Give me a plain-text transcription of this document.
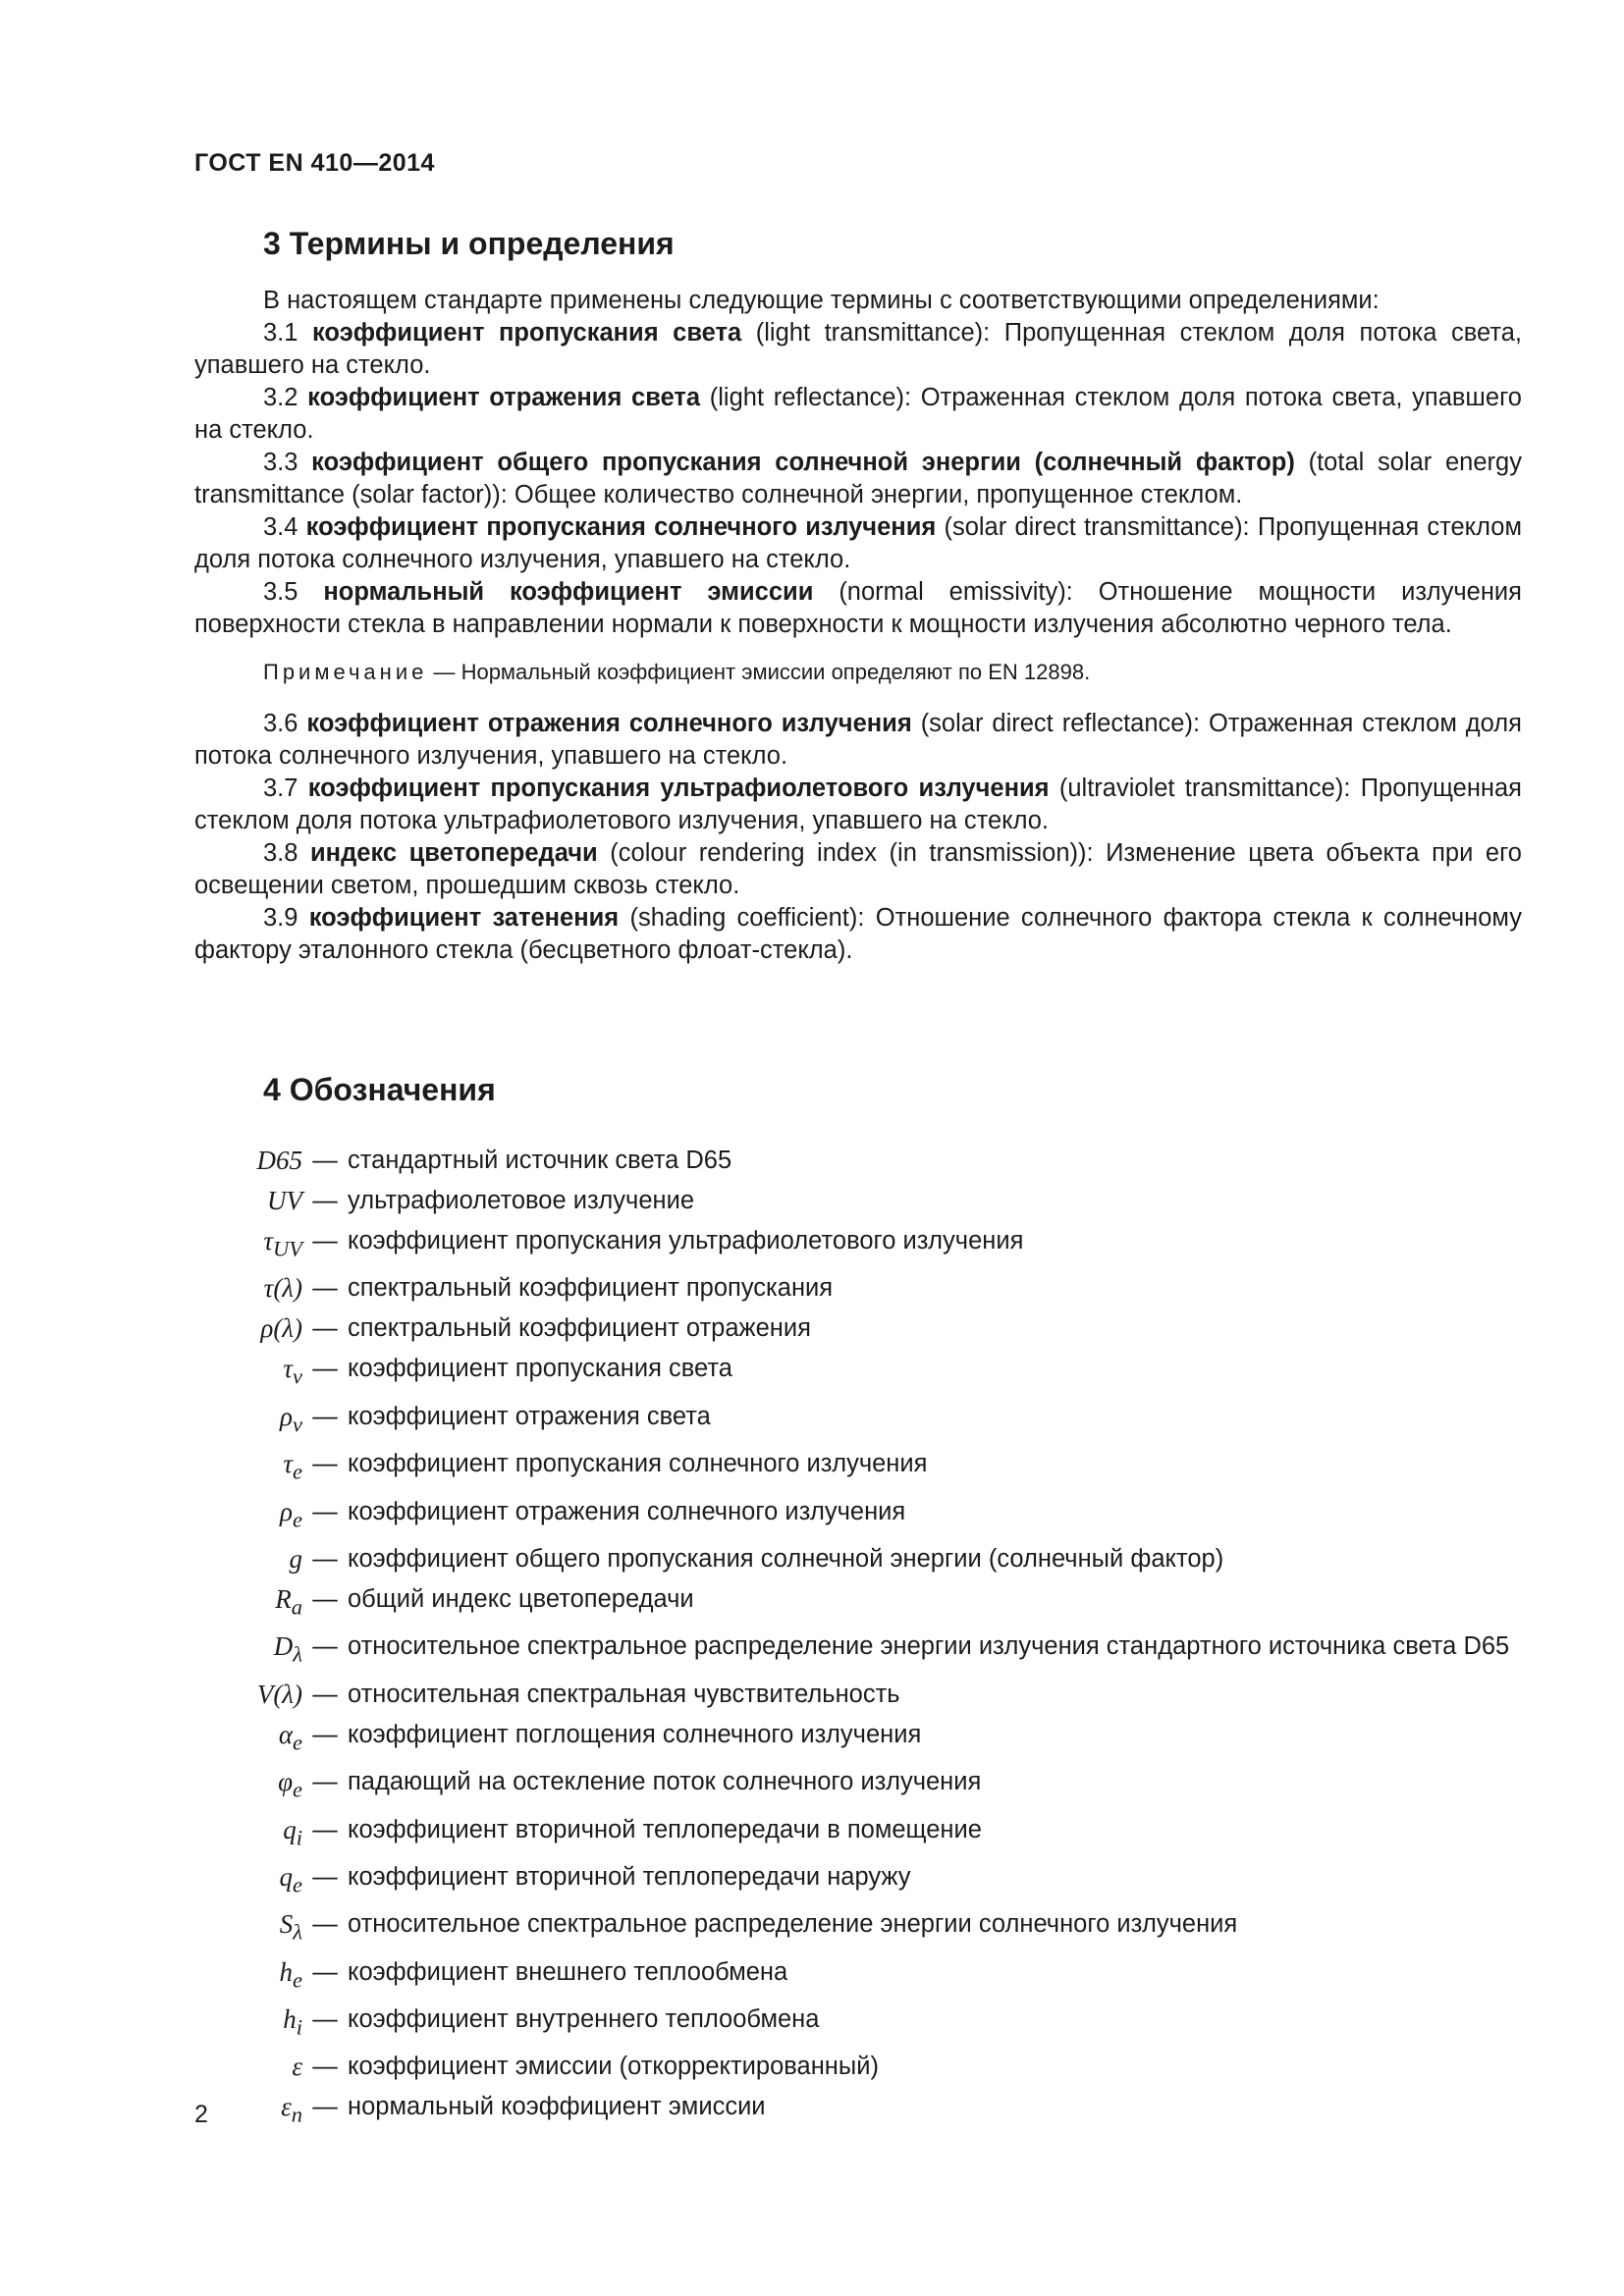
ГОСТ EN 410—2014
3 Термины и определения

В настоящем стандарте применены следующие термины с соответствующими определениями:

3.1 коэффициент пропускания света (light transmittance): Пропущенная стеклом доля потока света, упавшего на стекло.

3.2 коэффициент отражения света (light reflectance): Отраженная стеклом доля потока света, упавшего на стекло.

3.3 коэффициент общего пропускания солнечной энергии (солнечный фактор) (total solar energy transmittance (solar factor)): Общее количество солнечной энергии, пропущенное стеклом.

3.4 коэффициент пропускания солнечного излучения (solar direct transmittance): Пропущенная стеклом доля потока солнечного излучения, упавшего на стекло.

3.5 нормальный коэффициент эмиссии (normal emissivity): Отношение мощности излучения поверхности стекла в направлении нормали к поверхности к мощности излучения абсолютно черного тела.

Примечание — Нормальный коэффициент эмиссии определяют по EN 12898.

3.6 коэффициент отражения солнечного излучения (solar direct reflectance): Отраженная стеклом доля потока солнечного излучения, упавшего на стекло.

3.7 коэффициент пропускания ультрафиолетового излучения (ultraviolet transmittance): Пропущенная стеклом доля потока ультрафиолетового излучения, упавшего на стекло.

3.8 индекс цветопередачи (colour rendering index (in transmission)): Изменение цвета объекта при его освещении светом, прошедшим сквозь стекло.

3.9 коэффициент затенения (shading coefficient): Отношение солнечного фактора стекла к солнечному фактору эталонного стекла (бесцветного флоат-стекла).

4 Обозначения
D65 — стандартный источник света D65
UV — ультрафиолетовое излучение
$\tau_{UV}$ — коэффициент пропускания ультрафиолетового излучения
τ(λ) — спектральный коэффициент пропускания
ρ(λ) — спектральный коэффициент отражения
$\tau_v$ — коэффициент пропускания света
$\rho_v$ — коэффициент отражения света
$\tau_e$ — коэффициент пропускания солнечного излучения
$\rho_e$ — коэффициент отражения солнечного излучения
g — коэффициент общего пропускания солнечной энергии (солнечный фактор)
$R_a$ — общий индекс цветопередачи
$D_\lambda$ — относительное спектральное распределение энергии излучения стандартного источника света D65
V(λ) — относительная спектральная чувствительность
$\alpha_e$ — коэффициент поглощения солнечного излучения
$\varphi_e$ — падающий на остекление поток солнечного излучения
$q_i$ — коэффициент вторичной теплопередачи в помещение
$q_e$ — коэффициент вторичной теплопередачи наружу
$S_\lambda$ — относительное спектральное распределение энергии солнечного излучения
$h_e$ — коэффициент внешнего теплообмена
$h_i$ — коэффициент внутреннего теплообмена
ε — коэффициент эмиссии (откорректированный)
$\varepsilon_n$ — нормальный коэффициент эмиссии
2
